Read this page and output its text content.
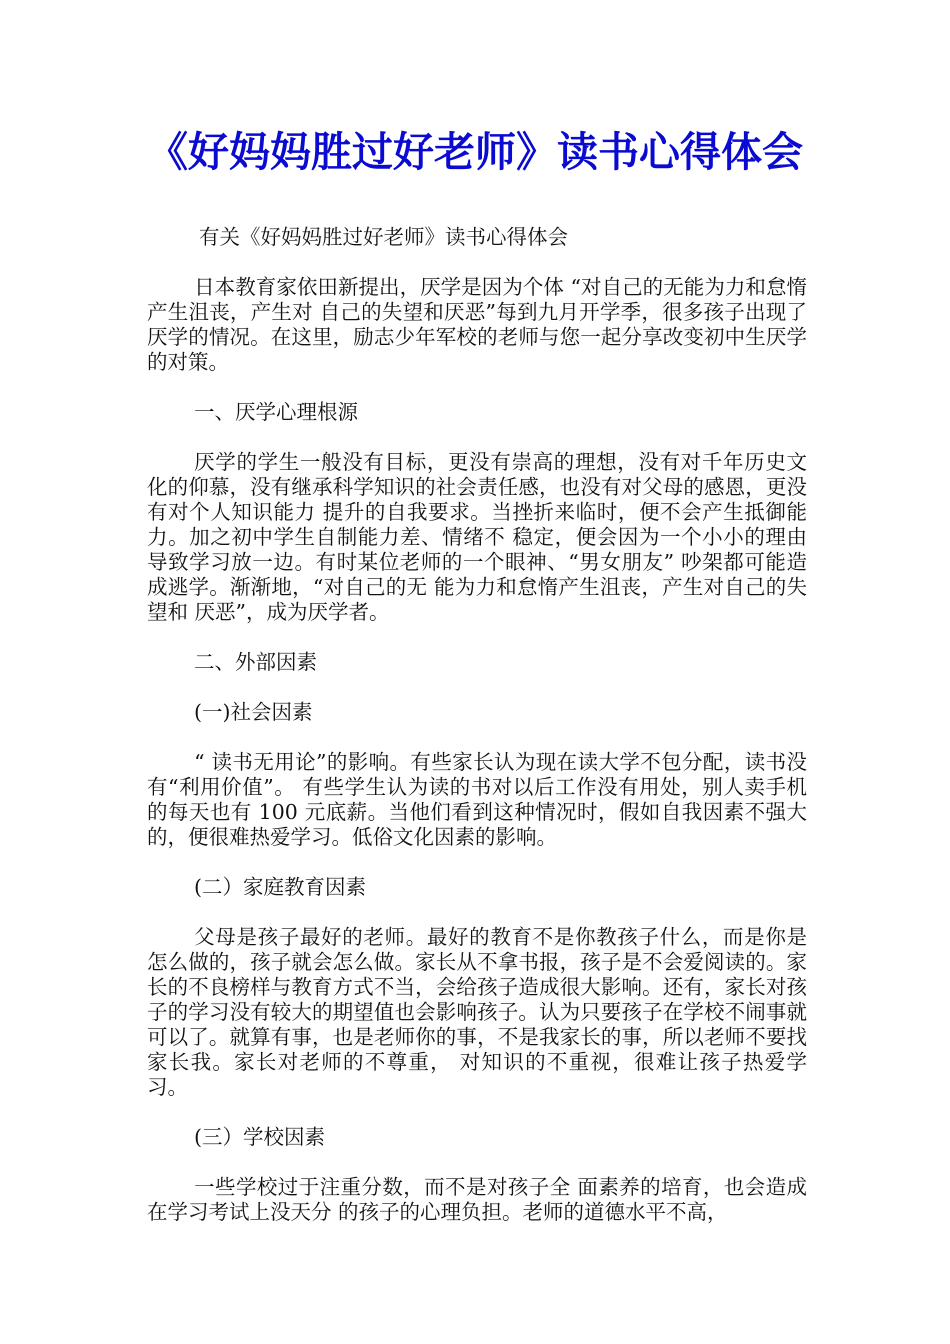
《好妈妈胜过好老师》读书心得体会

有关《好妈妈胜过好老师》读书心得体会

日本教育家依田新提出，厌学是因为个体 “对自己的无能为力和怠惰产生沮丧，产生对 自己的失望和厌恶”每到九月开学季，很多孩子出现了厌学的情况。在这里，励志少年军校的老师与您一起分享改变初中生厌学的对策。

一、厌学心理根源

厌学的学生一般没有目标，更没有崇高的理想，没有对千年历史文化的仰慕，没有继承科学知识的社会责任感，也没有对父母的感恩，更没有对个人知识能力 提升的自我要求。当挫折来临时，便不会产生抵御能力。加之初中学生自制能力差、情绪不 稳定，便会因为一个小小的理由导致学习放一边。有时某位老师的一个眼神、“男女朋友” 吵架都可能造成逃学。渐渐地，“对自己的无 能为力和怠惰产生沮丧，产生对自己的失望和 厌恶”，成为厌学者。

二、外部因素

(一)社会因素

“ 读书无用论”的影响。有些家长认为现在读大学不包分配，读书没有“利用价值”。 有些学生认为读的书对以后工作没有用处，别人卖手机的每天也有 100 元底薪。当他们看到这种情况时，假如自我因素不强大的，便很难热爱学习。低俗文化因素的影响。

(二）家庭教育因素

父母是孩子最好的老师。最好的教育不是你教孩子什么，而是你是怎么做的，孩子就会怎么做。家长从不拿书报，孩子是不会爱阅读的。家长的不良榜样与教育方式不当，会给孩子造成很大影响。还有，家长对孩子的学习没有较大的期望值也会影响孩子。认为只要孩子在学校不闹事就可以了。就算有事，也是老师你的事，不是我家长的事，所以老师不要找家长我。家长对老师的不尊重， 对知识的不重视，很难让孩子热爱学习。

(三）学校因素

一些学校过于注重分数，而不是对孩子全 面素养的培育，也会造成在学习考试上没天分 的孩子的心理负担。老师的道德水平不高，
